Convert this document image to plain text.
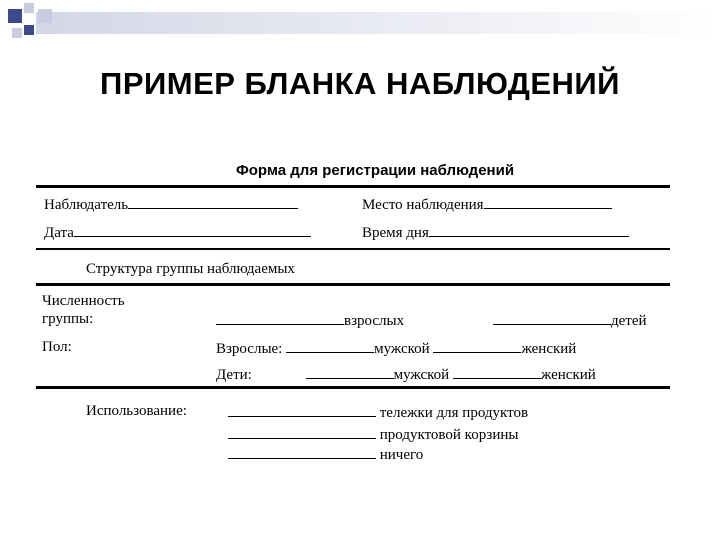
ПРИМЕР БЛАНКА НАБЛЮДЕНИЙ
Форма для регистрации наблюдений
Наблюдатель	Место наблюдения
Дата	Время дня
Структура группы наблюдаемых
Численность
группы:	взрослых	детей
Пол:	Взрослые:	мужской	женский
Дети:	мужской	женский
Использование:	тележки для продуктов
продуктовой корзины
ничего
